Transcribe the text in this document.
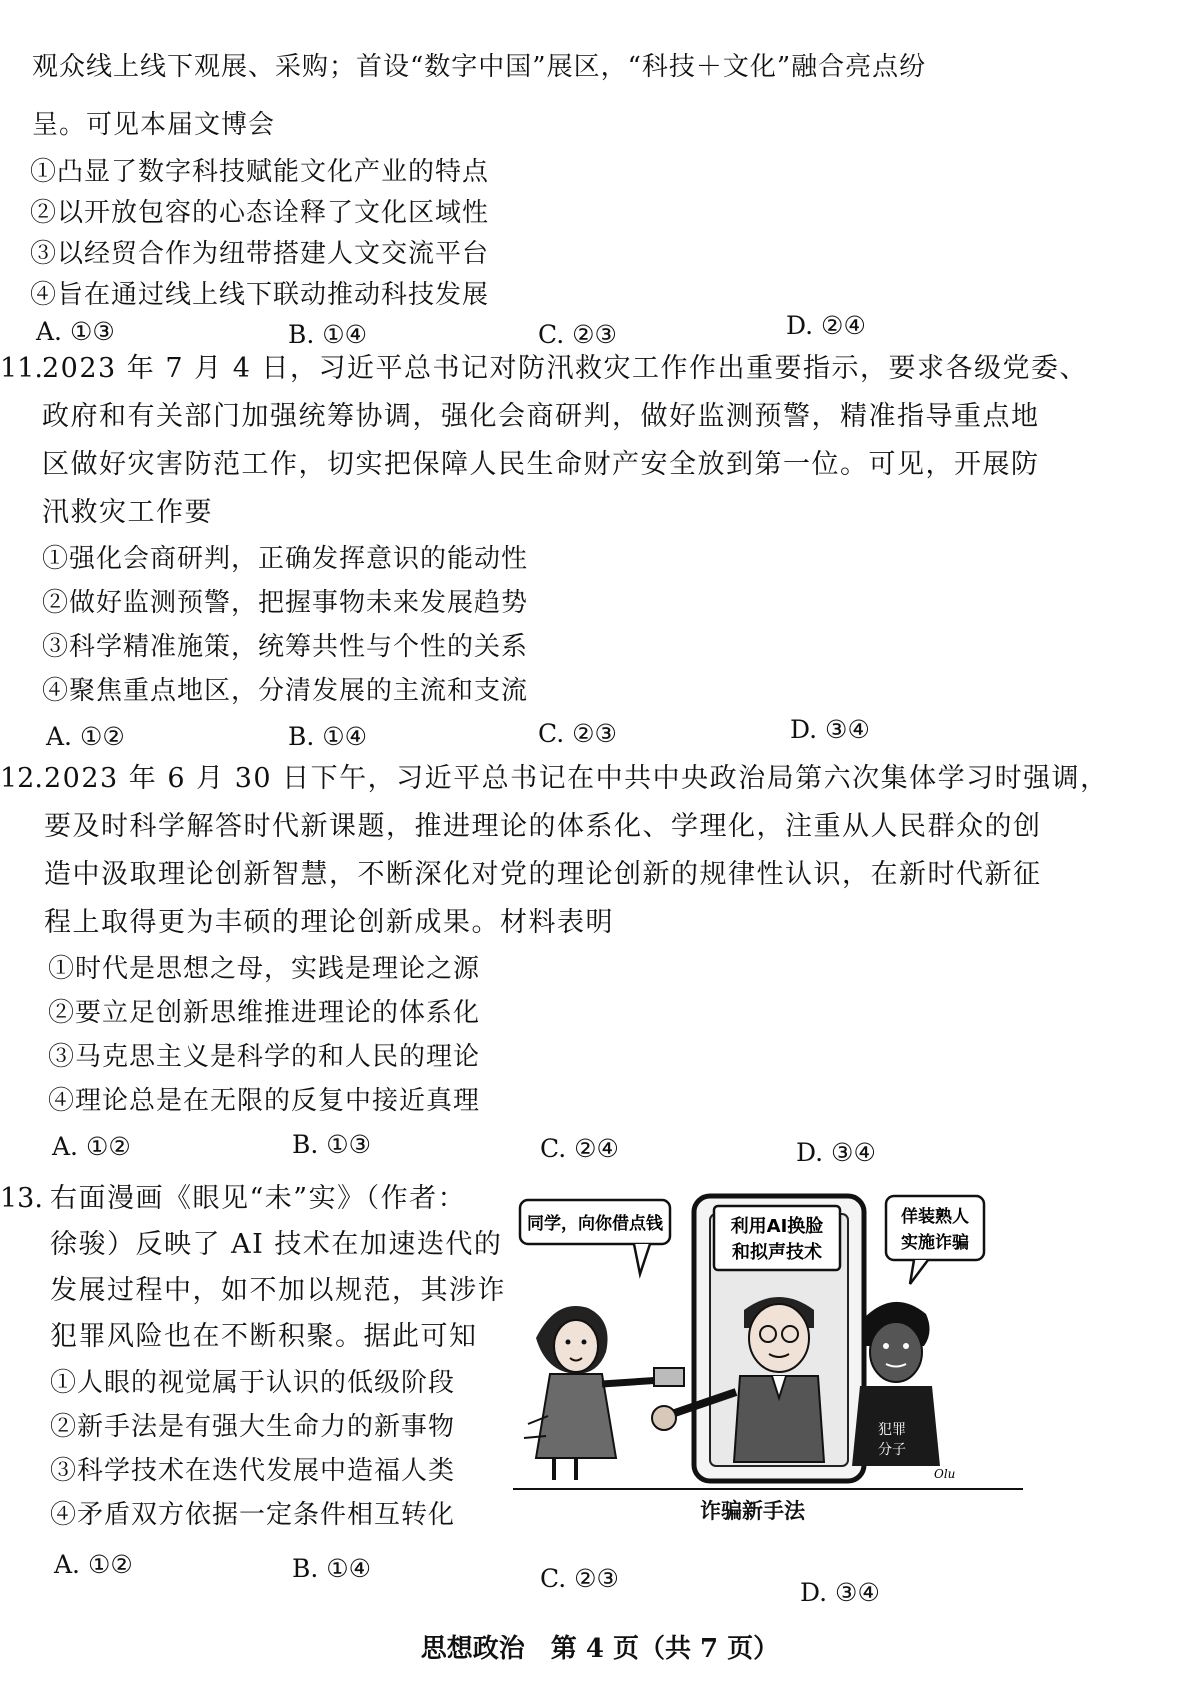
观众线上线下观展、采购；首设“数字中国”展区，“科技＋文化”融合亮点纷
呈。可见本届文博会
①凸显了数字科技赋能文化产业的特点
②以开放包容的心态诠释了文化区域性
③以经贸合作为纽带搭建人文交流平台
④旨在通过线上线下联动推动科技发展
A. ①③	B. ①④	C. ②③	D. ②④
11. 2023 年 7 月 4 日，习近平总书记对防汛救灾工作作出重要指示，要求各级党委、
政府和有关部门加强统筹协调，强化会商研判，做好监测预警，精准指导重点地
区做好灾害防范工作，切实把保障人民生命财产安全放到第一位。可见，开展防
汛救灾工作要
①强化会商研判，正确发挥意识的能动性
②做好监测预警，把握事物未来发展趋势
③科学精准施策，统筹共性与个性的关系
④聚焦重点地区，分清发展的主流和支流
A. ①②	B. ①④	C. ②③	D. ③④
12. 2023 年 6 月 30 日下午，习近平总书记在中共中央政治局第六次集体学习时强调，
要及时科学解答时代新课题，推进理论的体系化、学理化，注重从人民群众的创
造中汲取理论创新智慧，不断深化对党的理论创新的规律性认识，在新时代新征
程上取得更为丰硕的理论创新成果。材料表明
①时代是思想之母，实践是理论之源
②要立足创新思维推进理论的体系化
③马克思主义是科学的和人民的理论
④理论总是在无限的反复中接近真理
A. ①②	B. ①③	C. ②④	D. ③④
13. 右面漫画《眼见“未”实》（作者：
徐骏）反映了 AI 技术在加速迭代的
发展过程中，如不加以规范，其涉诈
犯罪风险也在不断积聚。据此可知
①人眼的视觉属于认识的低级阶段
②新手法是有强大生命力的新事物
③科学技术在迭代发展中造福人类
④矛盾双方依据一定条件相互转化
A. ①②	B. ①④	C. ②③	D. ③④
同学，向你借点钱	利用AI换脸
和拟声技术
佯装熟人
实施诈骗
犯罪
分子
Olu
诈骗新手法
思想政治　第 4 页（共 7 页）
